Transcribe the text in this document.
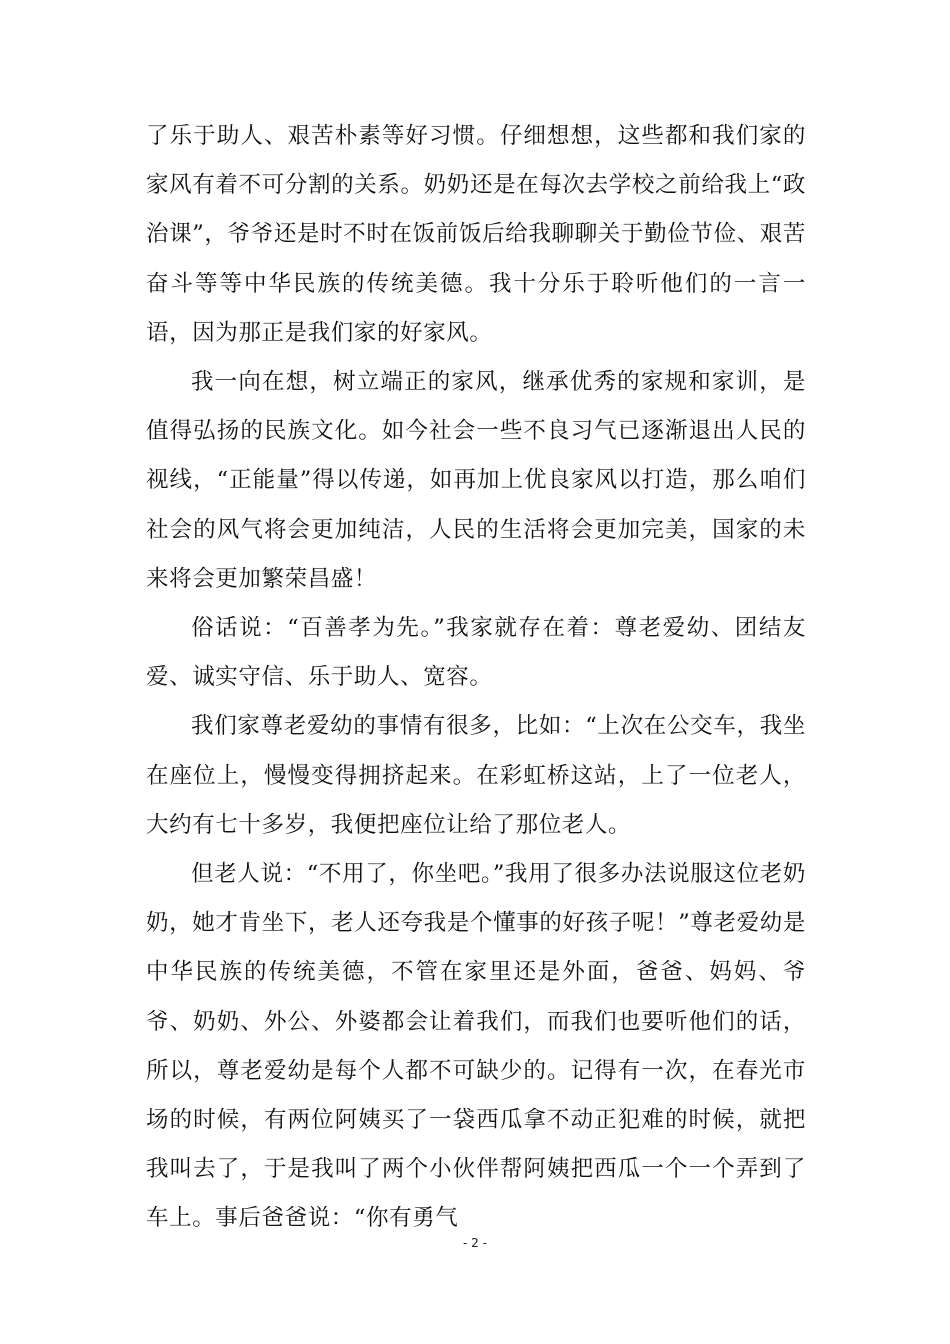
了乐于助人、艰苦朴素等好习惯。仔细想想，这些都和我们家的家风有着不可分割的关系。奶奶还是在每次去学校之前给我上“政治课”，爷爷还是时不时在饭前饭后给我聊聊关于勤俭节俭、艰苦奋斗等等中华民族的传统美德。我十分乐于聆听他们的一言一语，因为那正是我们家的好家风。

我一向在想，树立端正的家风，继承优秀的家规和家训，是值得弘扬的民族文化。如今社会一些不良习气已逐渐退出人民的视线，“正能量”得以传递，如再加上优良家风以打造，那么咱们社会的风气将会更加纯洁，人民的生活将会更加完美，国家的未来将会更加繁荣昌盛！

俗话说：“百善孝为先。”我家就存在着：尊老爱幼、团结友爱、诚实守信、乐于助人、宽容。

我们家尊老爱幼的事情有很多，比如：“上次在公交车，我坐在座位上，慢慢变得拥挤起来。在彩虹桥这站，上了一位老人，大约有七十多岁，我便把座位让给了那位老人。

但老人说：“不用了，你坐吧。”我用了很多办法说服这位老奶奶，她才肯坐下，老人还夸我是个懂事的好孩子呢！”尊老爱幼是中华民族的传统美德，不管在家里还是外面，爸爸、妈妈、爷爷、奶奶、外公、外婆都会让着我们，而我们也要听他们的话，所以，尊老爱幼是每个人都不可缺少的。记得有一次，在春光市场的时候，有两位阿姨买了一袋西瓜拿不动正犯难的时候，就把我叫去了，于是我叫了两个小伙伴帮阿姨把西瓜一个一个弄到了车上。事后爸爸说：“你有勇气

- 2 -
